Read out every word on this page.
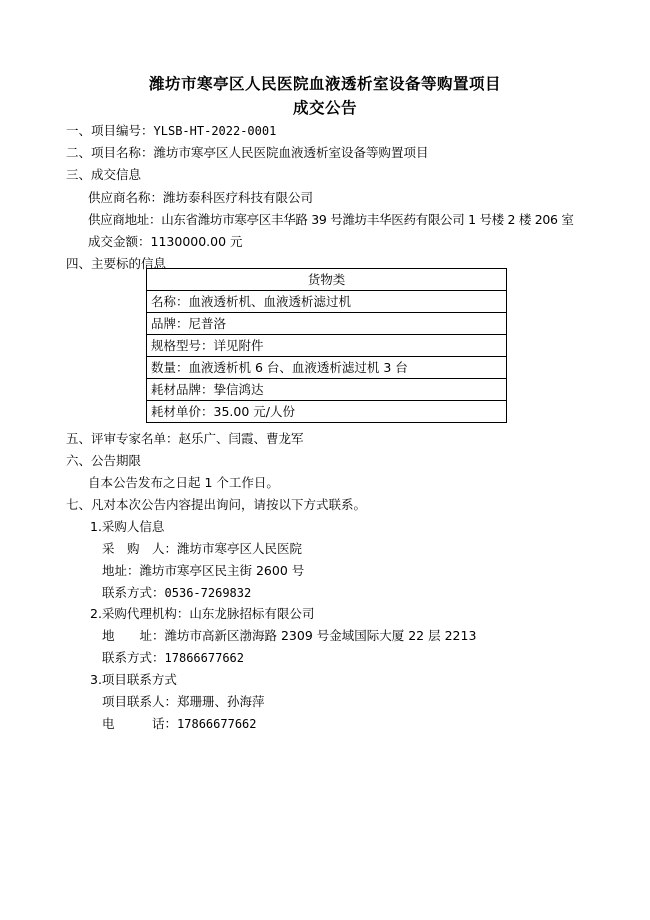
潍坊市寒亭区人民医院血液透析室设备等购置项目
成交公告
一、项目编号：YLSB-HT-2022-0001
二、项目名称：潍坊市寒亭区人民医院血液透析室设备等购置项目
三、成交信息
供应商名称：潍坊泰科医疗科技有限公司
供应商地址：山东省潍坊市寒亭区丰华路 39 号潍坊丰华医药有限公司 1 号楼 2 楼 206 室
成交金额：1130000.00 元
四、主要标的信息
货物类
名称：血液透析机、血液透析滤过机
品牌：尼普洛
规格型号：详见附件
数量：血液透析机 6 台、血液透析滤过机 3 台
耗材品牌：挚信鸿达
耗材单价：35.00 元/人份
五、评审专家名单：赵乐广、闫霞、曹龙军
六、公告期限
自本公告发布之日起 1 个工作日。
七、凡对本次公告内容提出询问，请按以下方式联系。
1.采购人信息
采　购　人：潍坊市寒亭区人民医院
地址：潍坊市寒亭区民主街 2600 号
联系方式：0536-7269832
2.采购代理机构：山东龙脉招标有限公司
地　　址：潍坊市高新区渤海路 2309 号金域国际大厦 22 层 2213
联系方式：17866677662
3.项目联系方式
项目联系人：郑珊珊、孙海萍
电　　　话：17866677662
